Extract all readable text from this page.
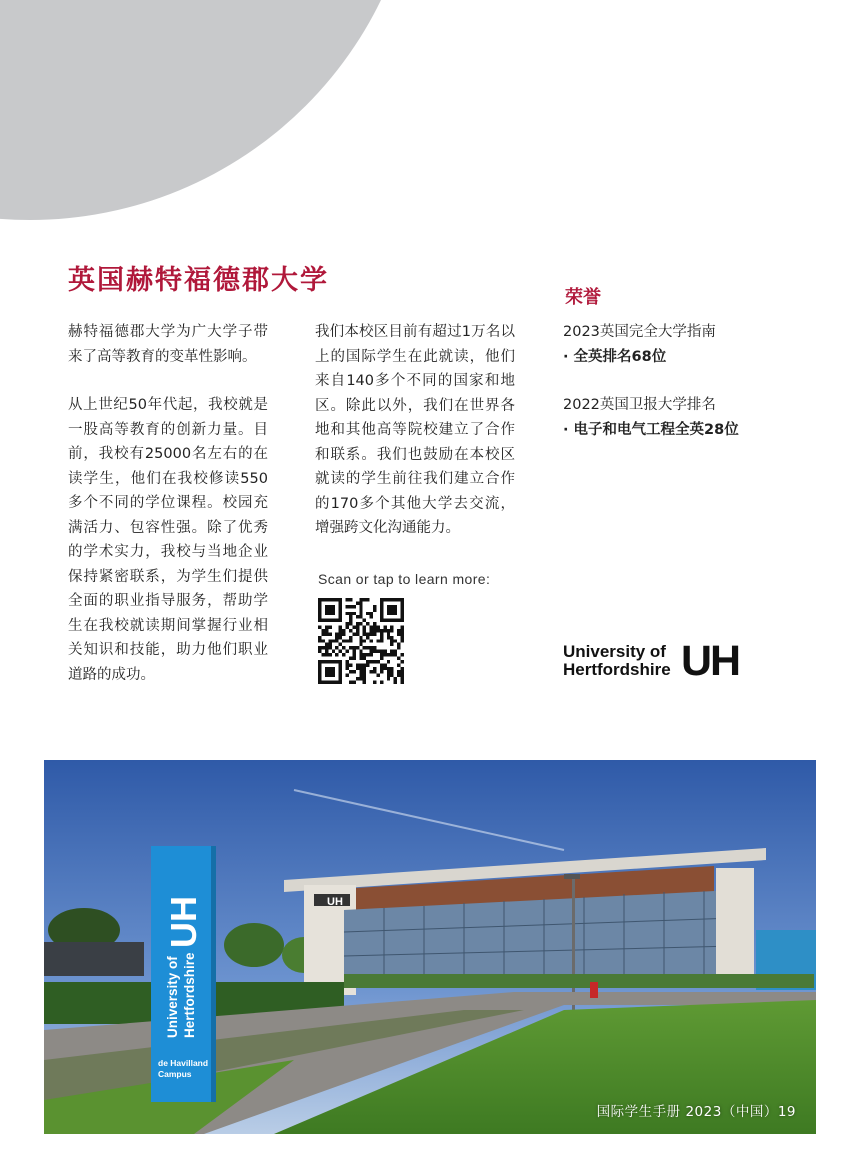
英国赫特福德郡大学

赫特福德郡大学为广大学子带来了高等教育的变革性影响。

从上世纪50年代起，我校就是一股高等教育的创新力量。目前，我校有25000名左右的在读学生，他们在我校修读550多个不同的学位课程。校园充满活力、包容性强。除了优秀的学术实力，我校与当地企业保持紧密联系，为学生们提供全面的职业指导服务，帮助学生在我校就读期间掌握行业相关知识和技能，助力他们职业道路的成功。

我们本校区目前有超过1万名以上的国际学生在此就读，他们来自140多个不同的国家和地区。除此以外，我们在世界各地和其他高等院校建立了合作和联系。我们也鼓励在本校区就读的学生前往我们建立合作的170多个其他大学去交流，增强跨文化沟通能力。

Scan or tap to learn more:
荣誉
2023英国完全大学指南
· 全英排名68位
2022英国卫报大学排名
· 电子和电气工程全英28位
University of
Hertfordshire UH
UH
UH
University of Hertfordshire
de Havilland
Campus
国际学生手册 2023（中国）19
